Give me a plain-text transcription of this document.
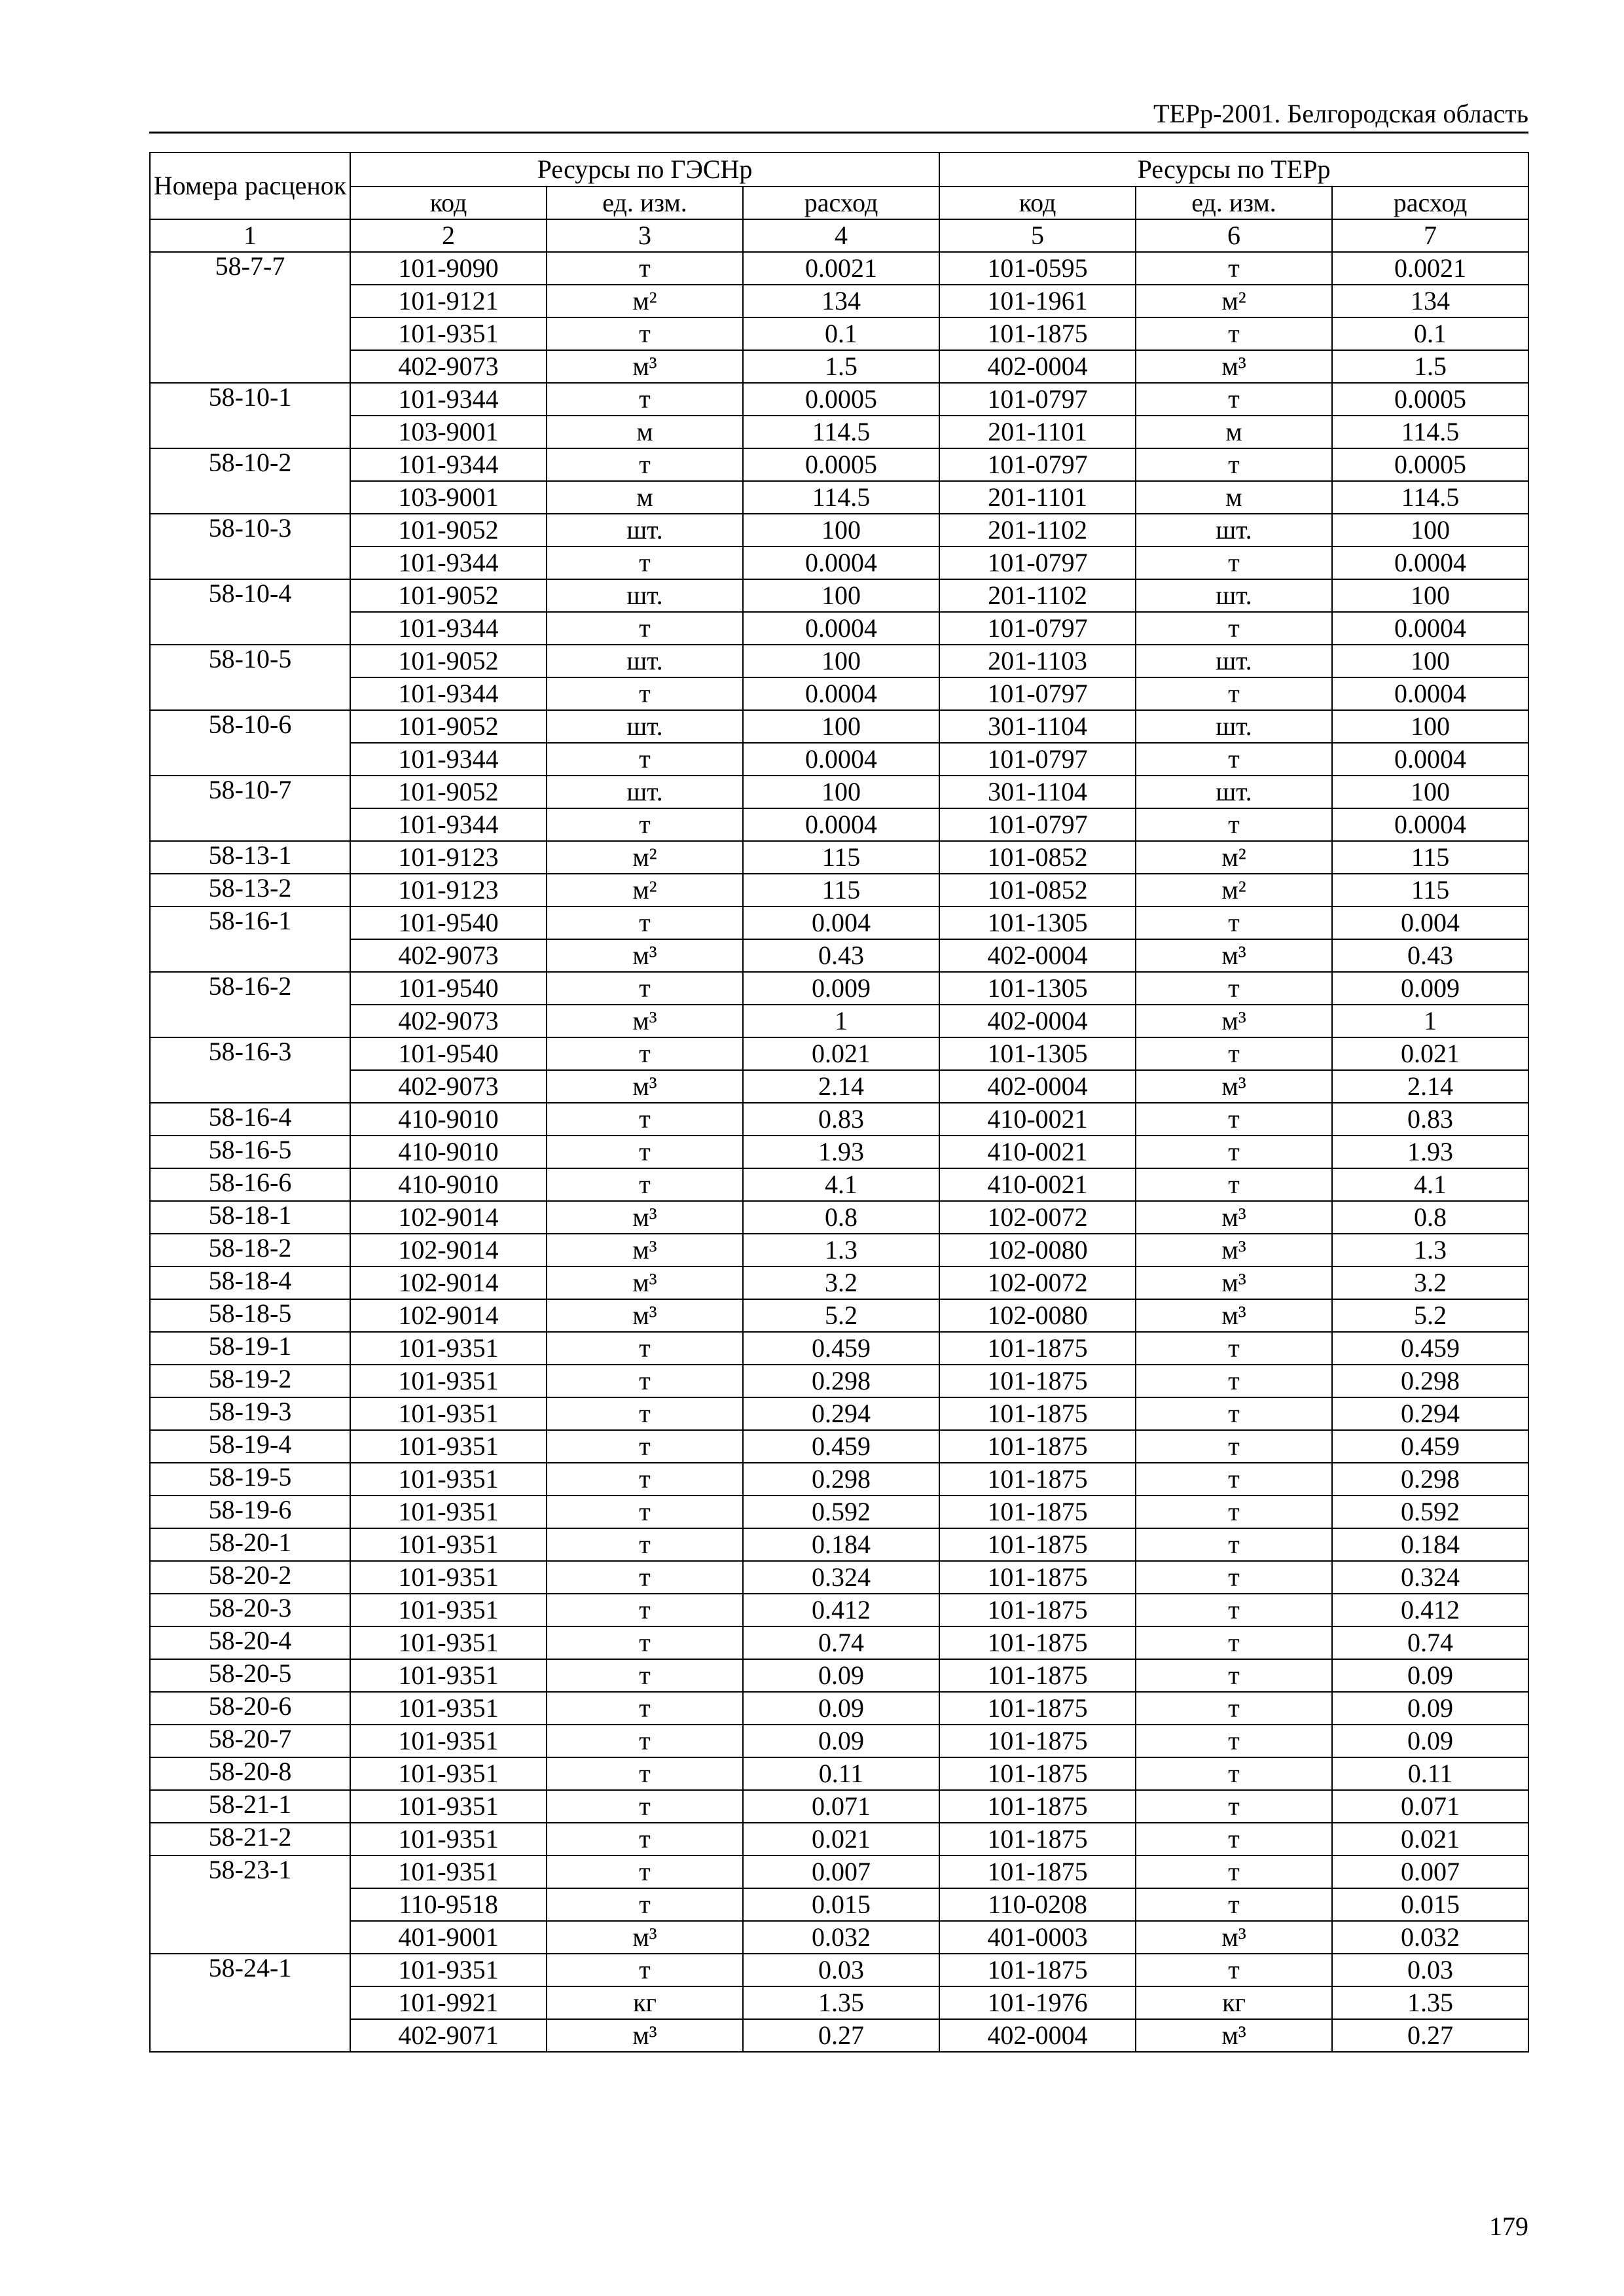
ТЕРр-2001. Белгородская область
Номера расценок	Ресурсы по ГЭСНр			Ресурсы по ТЕРр		
	код	ед. изм.	расход	код	ед. изм.	расход
1	2	3	4	5	6	7
58-7-7	101-9090	т	0.0021	101-0595	т	0.0021
	101-9121	м²	134	101-1961	м²	134
	101-9351	т	0.1	101-1875	т	0.1
	402-9073	м³	1.5	402-0004	м³	1.5
58-10-1	101-9344	т	0.0005	101-0797	т	0.0005
	103-9001	м	114.5	201-1101	м	114.5
58-10-2	101-9344	т	0.0005	101-0797	т	0.0005
	103-9001	м	114.5	201-1101	м	114.5
58-10-3	101-9052	шт.	100	201-1102	шт.	100
	101-9344	т	0.0004	101-0797	т	0.0004
58-10-4	101-9052	шт.	100	201-1102	шт.	100
	101-9344	т	0.0004	101-0797	т	0.0004
58-10-5	101-9052	шт.	100	201-1103	шт.	100
	101-9344	т	0.0004	101-0797	т	0.0004
58-10-6	101-9052	шт.	100	301-1104	шт.	100
	101-9344	т	0.0004	101-0797	т	0.0004
58-10-7	101-9052	шт.	100	301-1104	шт.	100
	101-9344	т	0.0004	101-0797	т	0.0004
58-13-1	101-9123	м²	115	101-0852	м²	115
58-13-2	101-9123	м²	115	101-0852	м²	115
58-16-1	101-9540	т	0.004	101-1305	т	0.004
	402-9073	м³	0.43	402-0004	м³	0.43
58-16-2	101-9540	т	0.009	101-1305	т	0.009
	402-9073	м³	1	402-0004	м³	1
58-16-3	101-9540	т	0.021	101-1305	т	0.021
	402-9073	м³	2.14	402-0004	м³	2.14
58-16-4	410-9010	т	0.83	410-0021	т	0.83
58-16-5	410-9010	т	1.93	410-0021	т	1.93
58-16-6	410-9010	т	4.1	410-0021	т	4.1
58-18-1	102-9014	м³	0.8	102-0072	м³	0.8
58-18-2	102-9014	м³	1.3	102-0080	м³	1.3
58-18-4	102-9014	м³	3.2	102-0072	м³	3.2
58-18-5	102-9014	м³	5.2	102-0080	м³	5.2
58-19-1	101-9351	т	0.459	101-1875	т	0.459
58-19-2	101-9351	т	0.298	101-1875	т	0.298
58-19-3	101-9351	т	0.294	101-1875	т	0.294
58-19-4	101-9351	т	0.459	101-1875	т	0.459
58-19-5	101-9351	т	0.298	101-1875	т	0.298
58-19-6	101-9351	т	0.592	101-1875	т	0.592
58-20-1	101-9351	т	0.184	101-1875	т	0.184
58-20-2	101-9351	т	0.324	101-1875	т	0.324
58-20-3	101-9351	т	0.412	101-1875	т	0.412
58-20-4	101-9351	т	0.74	101-1875	т	0.74
58-20-5	101-9351	т	0.09	101-1875	т	0.09
58-20-6	101-9351	т	0.09	101-1875	т	0.09
58-20-7	101-9351	т	0.09	101-1875	т	0.09
58-20-8	101-9351	т	0.11	101-1875	т	0.11
58-21-1	101-9351	т	0.071	101-1875	т	0.071
58-21-2	101-9351	т	0.021	101-1875	т	0.021
58-23-1	101-9351	т	0.007	101-1875	т	0.007
	110-9518	т	0.015	110-0208	т	0.015
	401-9001	м³	0.032	401-0003	м³	0.032
58-24-1	101-9351	т	0.03	101-1875	т	0.03
	101-9921	кг	1.35	101-1976	кг	1.35
	402-9071	м³	0.27	402-0004	м³	0.27
179
